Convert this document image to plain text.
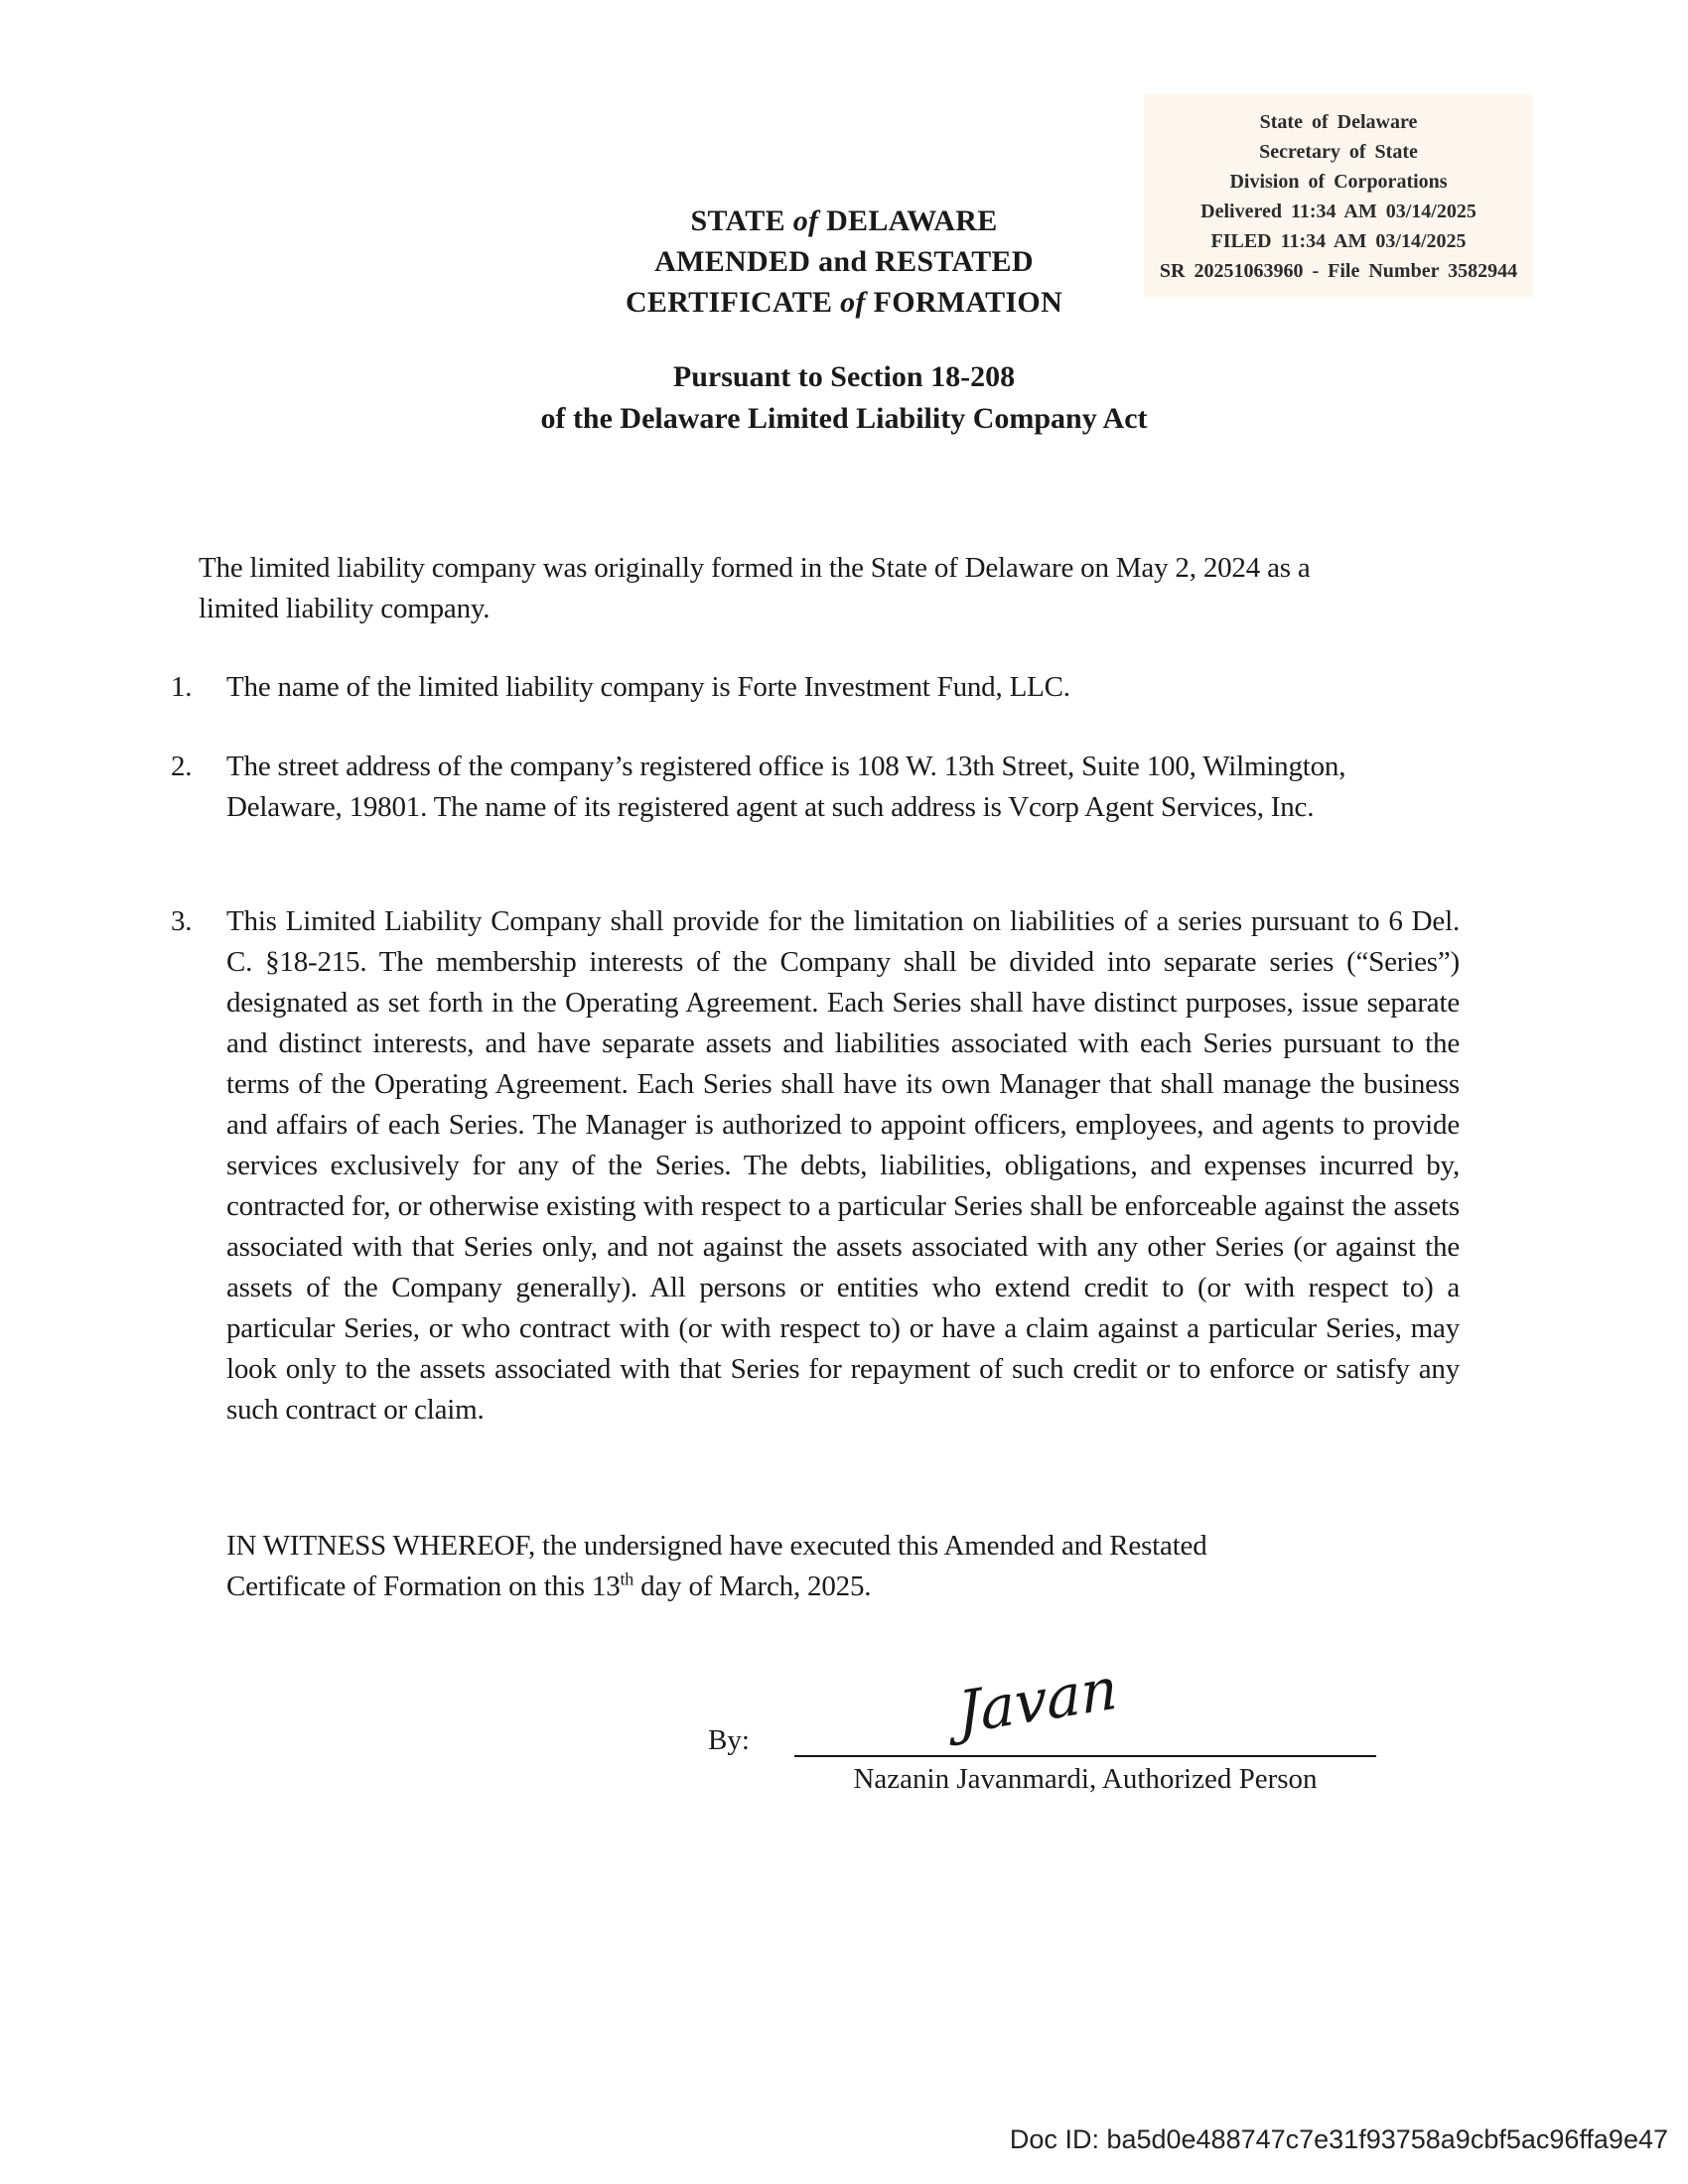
State of Delaware
Secretary of State
Division of Corporations
Delivered 11:34 AM 03/14/2025
FILED 11:34 AM 03/14/2025
SR 20251063960 - File Number 3582944
STATE of DELAWARE
AMENDED and RESTATED
CERTIFICATE of FORMATION
Pursuant to Section 18-208
of the Delaware Limited Liability Company Act
The limited liability company was originally formed in the State of Delaware on May 2, 2024 as a limited liability company.
1.	The name of the limited liability company is Forte Investment Fund, LLC.
2.	The street address of the company’s registered office is 108 W. 13th Street, Suite 100, Wilmington, Delaware, 19801. The name of its registered agent at such address is Vcorp Agent Services, Inc.
3.	This Limited Liability Company shall provide for the limitation on liabilities of a series pursuant to 6 Del. C. §18-215. The membership interests of the Company shall be divided into separate series (“Series”) designated as set forth in the Operating Agreement. Each Series shall have distinct purposes, issue separate and distinct interests, and have separate assets and liabilities associated with each Series pursuant to the terms of the Operating Agreement. Each Series shall have its own Manager that shall manage the business and affairs of each Series. The Manager is authorized to appoint officers, employees, and agents to provide services exclusively for any of the Series. The debts, liabilities, obligations, and expenses incurred by, contracted for, or otherwise existing with respect to a particular Series shall be enforceable against the assets associated with that Series only, and not against the assets associated with any other Series (or against the assets of the Company generally). All persons or entities who extend credit to (or with respect to) a particular Series, or who contract with (or with respect to) or have a claim against a particular Series, may look only to the assets associated with that Series for repayment of such credit or to enforce or satisfy any such contract or claim.
IN WITNESS WHEREOF, the undersigned have executed this Amended and Restated
Certificate of Formation on this 13th day of March, 2025.
By:	Javan
Nazanin Javanmardi, Authorized Person
Doc ID: ba5d0e488747c7e31f93758a9cbf5ac96ffa9e47
